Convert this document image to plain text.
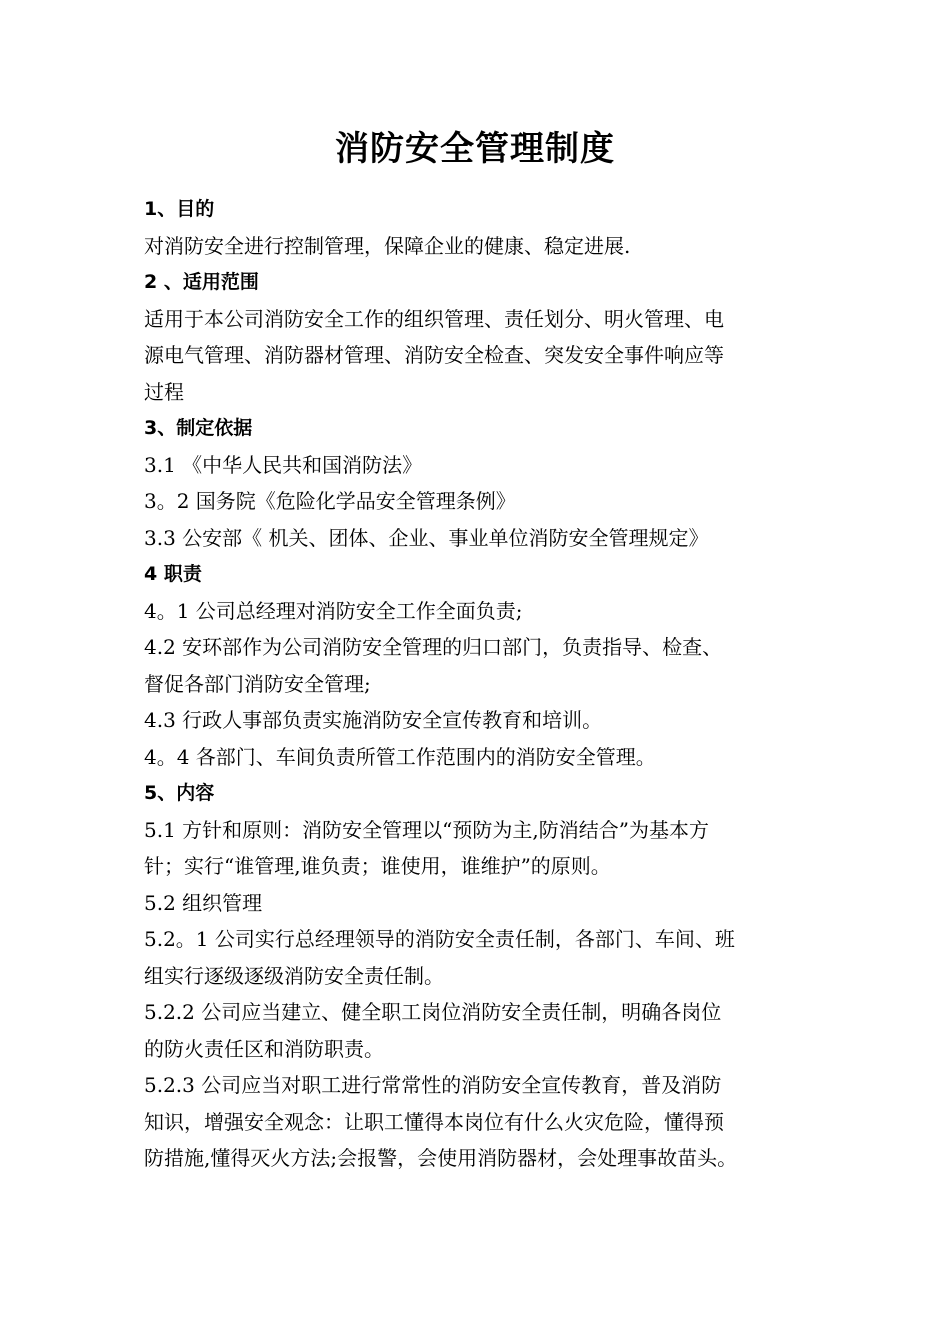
消防安全管理制度
1、目的
对消防安全进行控制管理，保障企业的健康、稳定进展.
2 、适用范围
适用于本公司消防安全工作的组织管理、责任划分、明火管理、电
源电气管理、消防器材管理、消防安全检查、突发安全事件响应等
过程
3、制定依据
3.1 《中华人民共和国消防法》
3。2 国务院《危险化学品安全管理条例》
3.3 公安部《 机关、团体、企业、事业单位消防安全管理规定》
4 职责
4。1 公司总经理对消防安全工作全面负责;
4.2 安环部作为公司消防安全管理的归口部门，负责指导、检查、
督促各部门消防安全管理;
4.3 行政人事部负责实施消防安全宣传教育和培训。
4。4 各部门、车间负责所管工作范围内的消防安全管理。
5、内容
5.1 方针和原则：消防安全管理以“预防为主,防消结合”为基本方
针；实行“谁管理,谁负责；谁使用，谁维护”的原则。
5.2 组织管理
5.2。1 公司实行总经理领导的消防安全责任制，各部门、车间、班
组实行逐级逐级消防安全责任制。
5.2.2 公司应当建立、健全职工岗位消防安全责任制，明确各岗位
的防火责任区和消防职责。
5.2.3 公司应当对职工进行常常性的消防安全宣传教育，普及消防
知识，增强安全观念：让职工懂得本岗位有什么火灾危险，懂得预
防措施,懂得灭火方法;会报警，会使用消防器材，会处理事故苗头。
